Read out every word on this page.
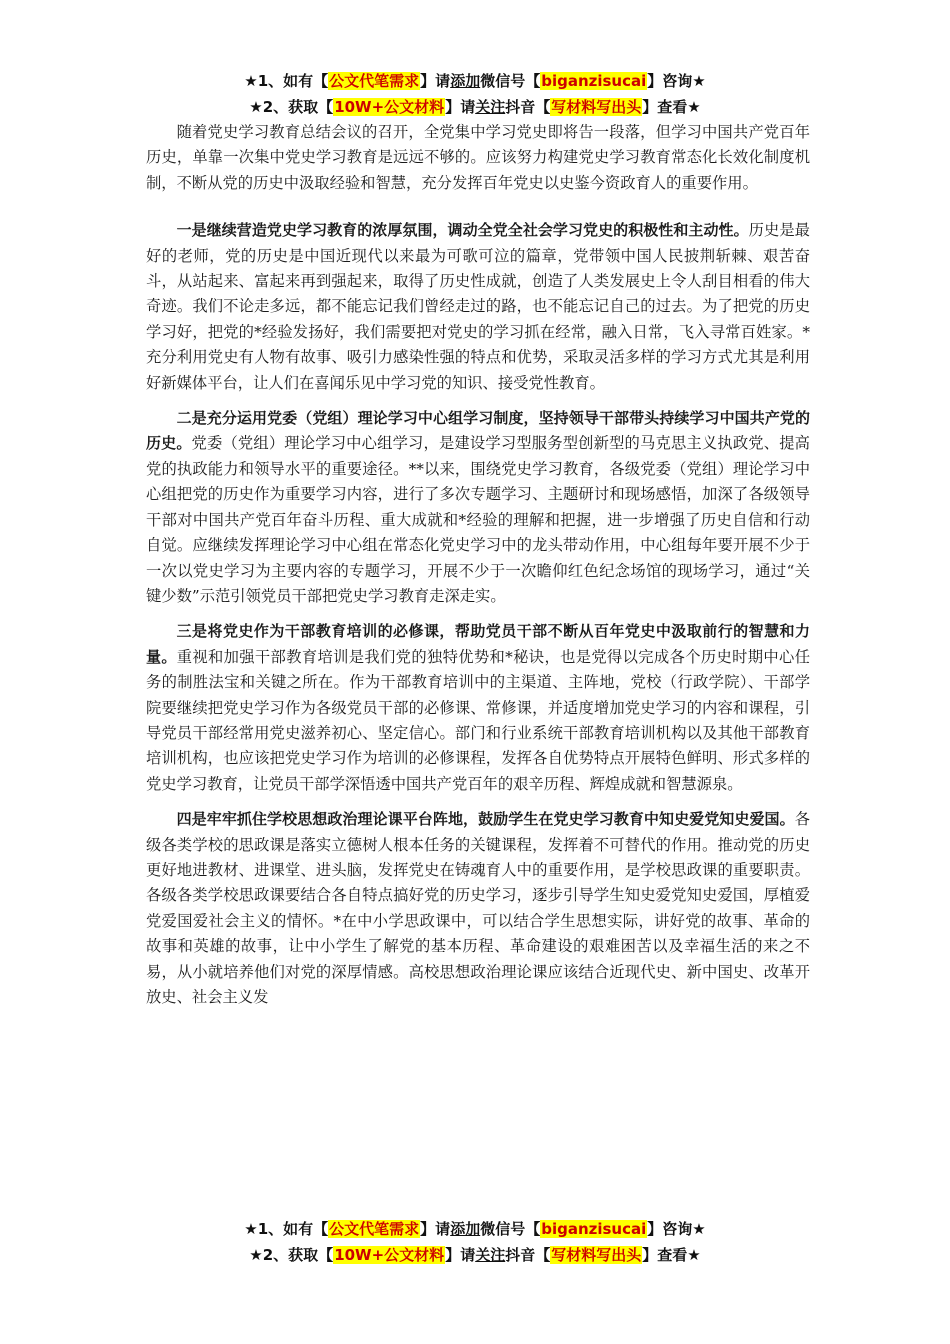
★1、如有【公文代笔需求】请添加微信号【biganzisucai】咨询★
★2、获取【10W+公文材料】请关注抖音【写材料写出头】查看★

随着党史学习教育总结会议的召开，全党集中学习党史即将告一段落，但学习中国共产党百年历史，单靠一次集中党史学习教育是远远不够的。应该努力构建党史学习教育常态化长效化制度机制，不断从党的历史中汲取经验和智慧，充分发挥百年党史以史鉴今资政育人的重要作用。

一是继续营造党史学习教育的浓厚氛围，调动全党全社会学习党史的积极性和主动性。历史是最好的老师，党的历史是中国近现代以来最为可歌可泣的篇章，党带领中国人民披荆斩棘、艰苦奋斗，从站起来、富起来再到强起来，取得了历史性成就，创造了人类发展史上令人刮目相看的伟大奇迹。我们不论走多远，都不能忘记我们曾经走过的路，也不能忘记自己的过去。为了把党的历史学习好，把党的*经验发扬好，我们需要把对党史的学习抓在经常，融入日常，飞入寻常百姓家。*充分利用党史有人物有故事、吸引力感染性强的特点和优势，采取灵活多样的学习方式尤其是利用好新媒体平台，让人们在喜闻乐见中学习党的知识、接受党性教育。

二是充分运用党委（党组）理论学习中心组学习制度，坚持领导干部带头持续学习中国共产党的历史。党委（党组）理论学习中心组学习，是建设学习型服务型创新型的马克思主义执政党、提高党的执政能力和领导水平的重要途径。**以来，围绕党史学习教育，各级党委（党组）理论学习中心组把党的历史作为重要学习内容，进行了多次专题学习、主题研讨和现场感悟，加深了各级领导干部对中国共产党百年奋斗历程、重大成就和*经验的理解和把握，进一步增强了历史自信和行动自觉。应继续发挥理论学习中心组在常态化党史学习中的龙头带动作用，中心组每年要开展不少于一次以党史学习为主要内容的专题学习，开展不少于一次瞻仰红色纪念场馆的现场学习，通过“关键少数”示范引领党员干部把党史学习教育走深走实。

三是将党史作为干部教育培训的必修课，帮助党员干部不断从百年党史中汲取前行的智慧和力量。重视和加强干部教育培训是我们党的独特优势和*秘诀，也是党得以完成各个历史时期中心任务的制胜法宝和关键之所在。作为干部教育培训中的主渠道、主阵地，党校（行政学院）、干部学院要继续把党史学习作为各级党员干部的必修课、常修课，并适度增加党史学习的内容和课程，引导党员干部经常用党史滋养初心、坚定信心。部门和行业系统干部教育培训机构以及其他干部教育培训机构，也应该把党史学习作为培训的必修课程，发挥各自优势特点开展特色鲜明、形式多样的党史学习教育，让党员干部学深悟透中国共产党百年的艰辛历程、辉煌成就和智慧源泉。

四是牢牢抓住学校思想政治理论课平台阵地，鼓励学生在党史学习教育中知史爱党知史爱国。各级各类学校的思政课是落实立德树人根本任务的关键课程，发挥着不可替代的作用。推动党的历史更好地进教材、进课堂、进头脑，发挥党史在铸魂育人中的重要作用，是学校思政课的重要职责。各级各类学校思政课要结合各自特点搞好党的历史学习，逐步引导学生知史爱党知史爱国，厚植爱党爱国爱社会主义的情怀。*在中小学思政课中，可以结合学生思想实际，讲好党的故事、革命的故事和英雄的故事，让中小学生了解党的基本历程、革命建设的艰难困苦以及幸福生活的来之不易，从小就培养他们对党的深厚情感。高校思想政治理论课应该结合近现代史、新中国史、改革开放史、社会主义发

★1、如有【公文代笔需求】请添加微信号【biganzisucai】咨询★
★2、获取【10W+公文材料】请关注抖音【写材料写出头】查看★
